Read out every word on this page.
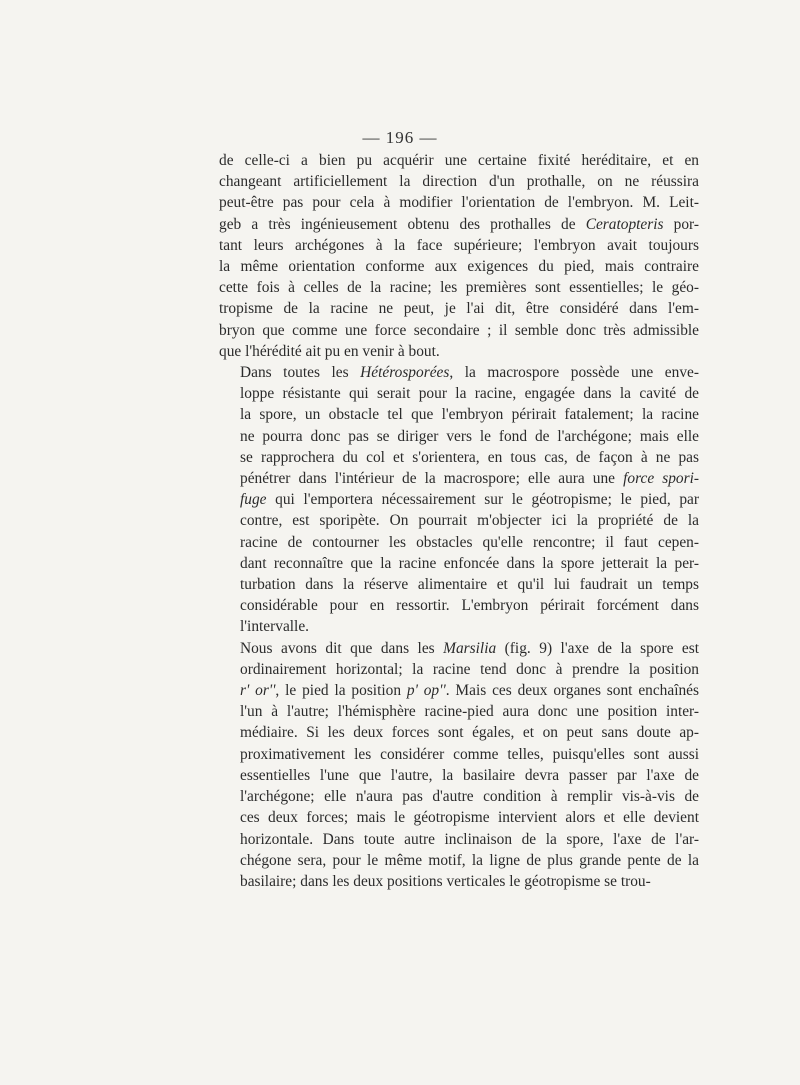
— 196 —

de celle-ci a bien pu acquérir une certaine fixité heréditaire, et en
changeant artificiellement la direction d'un prothalle, on ne réussira
peut-être pas pour cela à modifier l'orientation de l'embryon. M. Leit-
geb a très ingénieusement obtenu des prothalles de Ceratopteris por-
tant leurs archégones à la face supérieure; l'embryon avait toujours
la même orientation conforme aux exigences du pied, mais contraire
cette fois à celles de la racine; les premières sont essentielles; le géo-
tropisme de la racine ne peut, je l'ai dit, être considéré dans l'em-
bryon que comme une force secondaire ; il semble donc très admissible
que l'hérédité ait pu en venir à bout.

Dans toutes les Hétérosporées, la macrospore possède une enve-
loppe résistante qui serait pour la racine, engagée dans la cavité de
la spore, un obstacle tel que l'embryon périrait fatalement; la racine
ne pourra donc pas se diriger vers le fond de l'archégone; mais elle
se rapprochera du col et s'orientera, en tous cas, de façon à ne pas
pénétrer dans l'intérieur de la macrospore; elle aura une force spori-
fuge qui l'emportera nécessairement sur le géotropisme; le pied, par
contre, est sporipète. On pourrait m'objecter ici la propriété de la
racine de contourner les obstacles qu'elle rencontre; il faut cepen-
dant reconnaître que la racine enfoncée dans la spore jetterait la per-
turbation dans la réserve alimentaire et qu'il lui faudrait un temps
considérable pour en ressortir. L'embryon périrait forcément dans
l'intervalle.

Nous avons dit que dans les Marsilia (fig. 9) l'axe de la spore est
ordinairement horizontal; la racine tend donc à prendre la position
r' or'', le pied la position p' op''. Mais ces deux organes sont enchaînés
l'un à l'autre; l'hémisphère racine-pied aura donc une position inter-
médiaire. Si les deux forces sont égales, et on peut sans doute ap-
proximativement les considérer comme telles, puisqu'elles sont aussi
essentielles l'une que l'autre, la basilaire devra passer par l'axe de
l'archégone; elle n'aura pas d'autre condition à remplir vis-à-vis de
ces deux forces; mais le géotropisme intervient alors et elle devient
horizontale. Dans toute autre inclinaison de la spore, l'axe de l'ar-
chégone sera, pour le même motif, la ligne de plus grande pente de la
basilaire; dans les deux positions verticales le géotropisme se trou-
